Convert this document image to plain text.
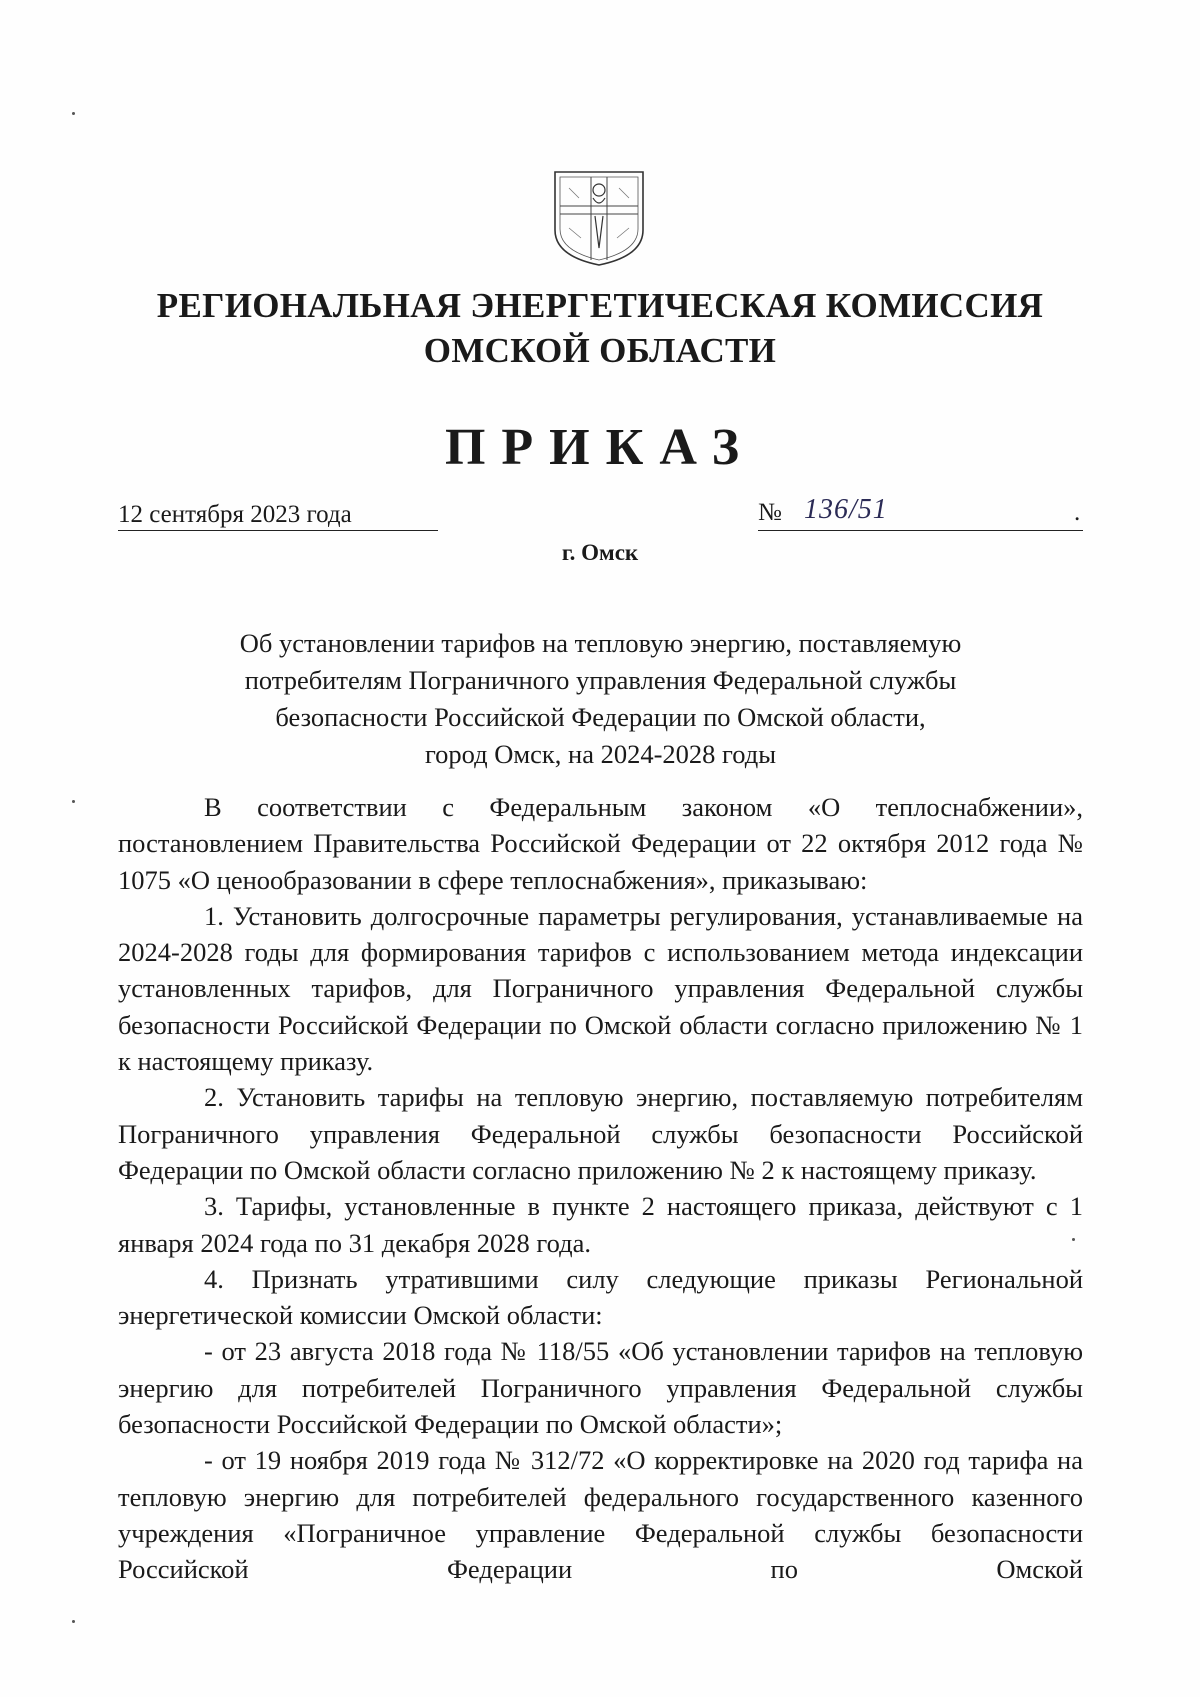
РЕГИОНАЛЬНАЯ ЭНЕРГЕТИЧЕСКАЯ КОМИССИЯ
ОМСКОЙ ОБЛАСТИ
ПРИКАЗ
12 сентября 2023 года	№ 136/51	.
г. Омск
Об установлении тарифов на тепловую энергию, поставляемую
потребителям Пограничного управления Федеральной службы
безопасности Российской Федерации по Омской области,
город Омск, на 2024-2028 годы

В соответствии с Федеральным законом «О теплоснабжении», постановлением Правительства Российской Федерации от 22 октября 2012 года № 1075 «О ценообразовании в сфере теплоснабжения», приказываю:

1. Установить долгосрочные параметры регулирования, устанавливаемые на 2024-2028 годы для формирования тарифов с использованием метода индексации установленных тарифов, для Пограничного управления Федеральной службы безопасности Российской Федерации по Омской области согласно приложению № 1 к настоящему приказу.

2. Установить тарифы на тепловую энергию, поставляемую потребителям Пограничного управления Федеральной службы безопасности Российской Федерации по Омской области согласно приложению № 2 к настоящему приказу.

3. Тарифы, установленные в пункте 2 настоящего приказа, действуют с 1 января 2024 года по 31 декабря 2028 года.

4. Признать утратившими силу следующие приказы Региональной энергетической комиссии Омской области:

- от 23 августа 2018 года № 118/55 «Об установлении тарифов на тепловую энергию для потребителей Пограничного управления Федеральной службы безопасности Российской Федерации по Омской области»;

- от 19 ноября 2019 года № 312/72 «О корректировке на 2020 год тарифа на тепловую энергию для потребителей федерального государственного казенного учреждения «Пограничное управление Федеральной службы безопасности Российской Федерации по Омской
